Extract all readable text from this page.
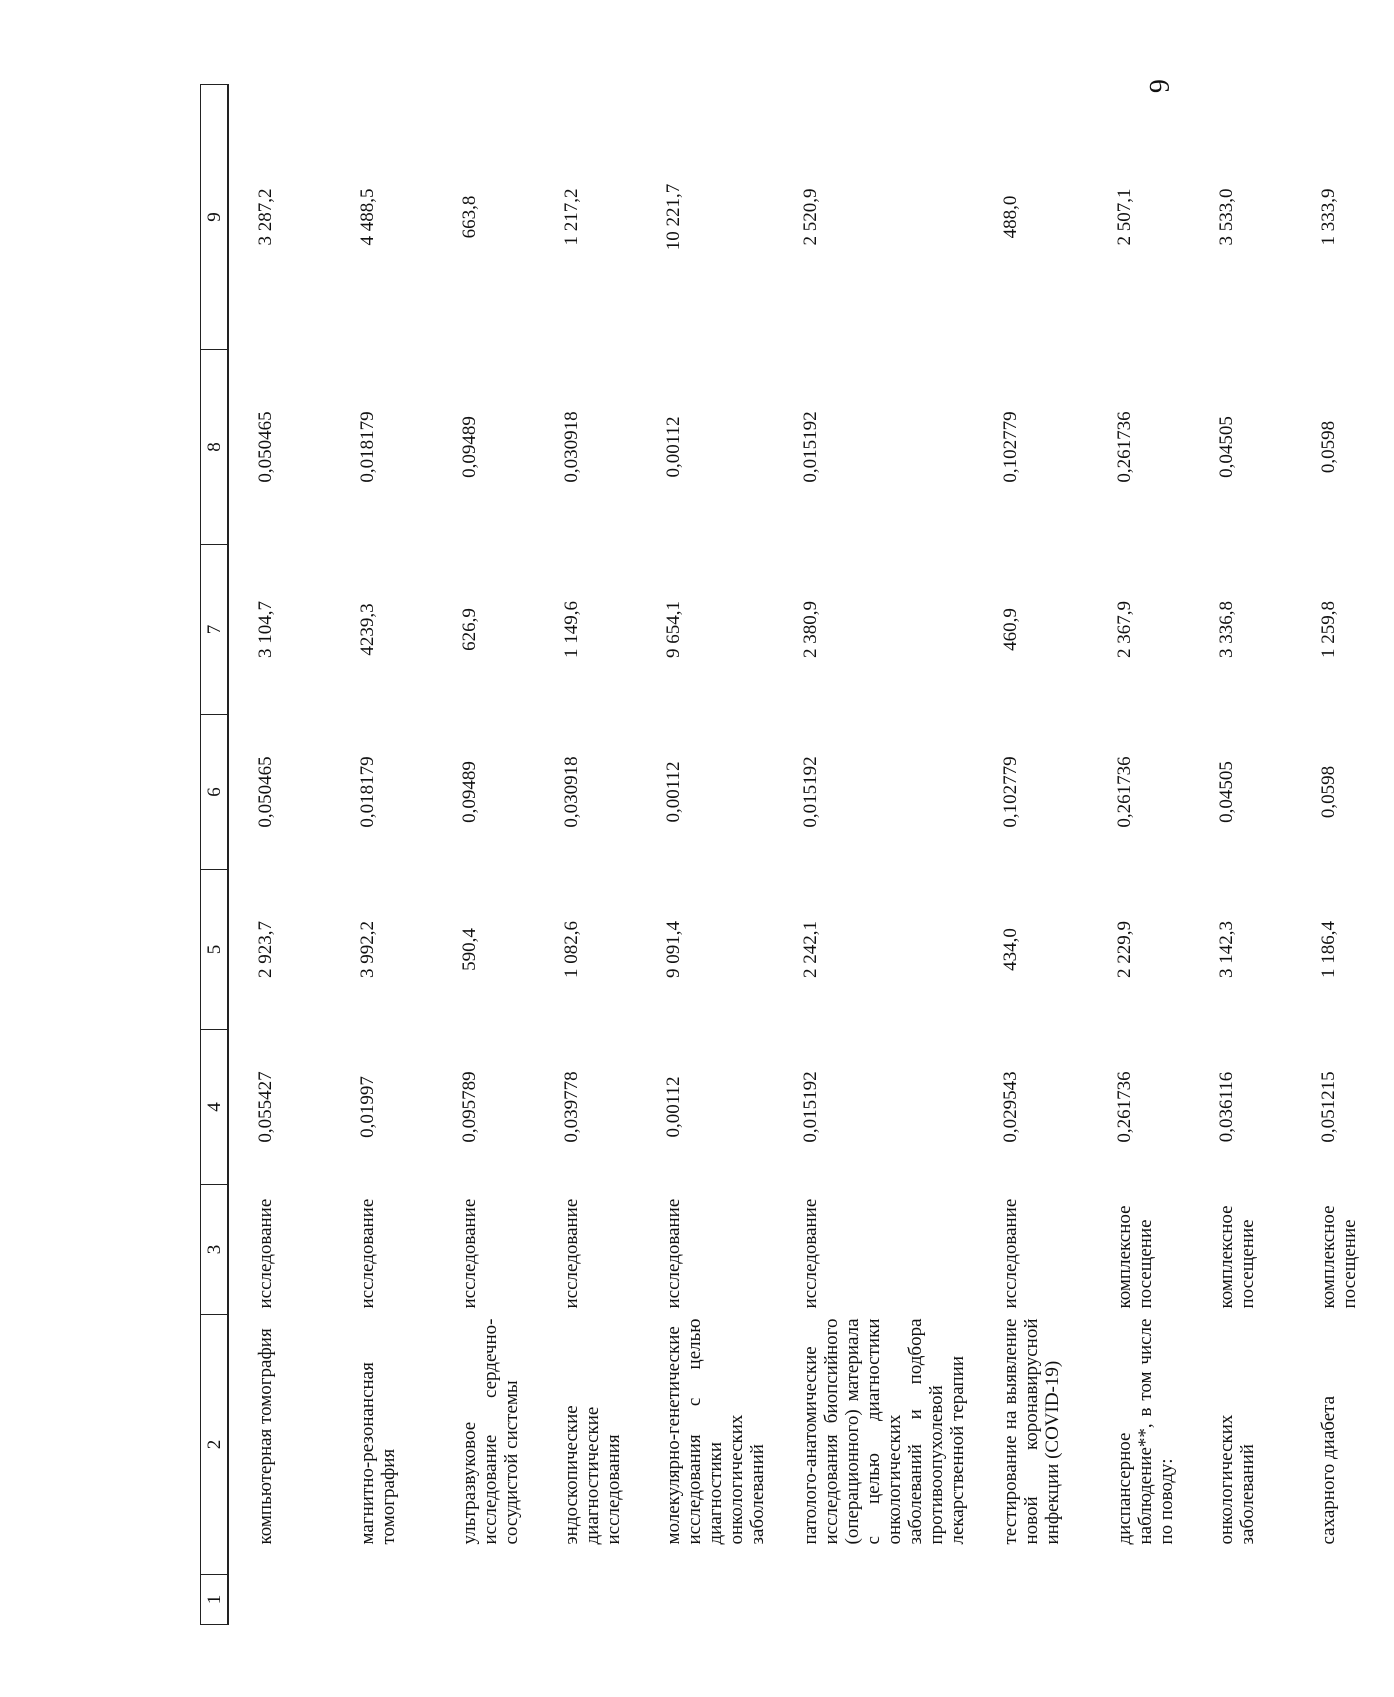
6
1	2	3	4	5	6	7	8	9
	компьютерная томография	исследование	0,055427	2 923,7	0,050465	3 104,7	0,050465	3 287,2
	магнитно-резонансная томография	исследование	0,01997	3 992,2	0,018179	4239,3	0,018179	4 488,5
	ультразвуковое исследование сердечно-сосудистой системы	исследование	0,095789	590,4	0,09489	626,9	0,09489	663,8
	эндоскопические диагностические исследования	исследование	0,039778	1 082,6	0,030918	1 149,6	0,030918	1 217,2
	молекулярно-генетические исследования с целью диагностики онкологических заболеваний	исследование	0,00112	9 091,4	0,00112	9 654,1	0,00112	10 221,7
	патолого-анатомические исследования биопсийного (операционного) материала с целью диагностики онкологических заболеваний и подбора противоопухолевой лекарственной терапии	исследование	0,015192	2 242,1	0,015192	2 380,9	0,015192	2 520,9
	тестирование на выявление новой коронавирусной инфекции (COVID-19)	исследование	0,029543	434,0	0,102779	460,9	0,102779	488,0
	диспансерное наблюдение**, в том числе по поводу:	комплексное посещение	0,261736	2 229,9	0,261736	2 367,9	0,261736	2 507,1
	онкологических заболеваний	комплексное посещение	0,036116	3 142,3	0,04505	3 336,8	0,04505	3 533,0
	сахарного диабета	комплексное посещение	0,051215	1 186,4	0,0598	1 259,8	0,0598	1 333,9
